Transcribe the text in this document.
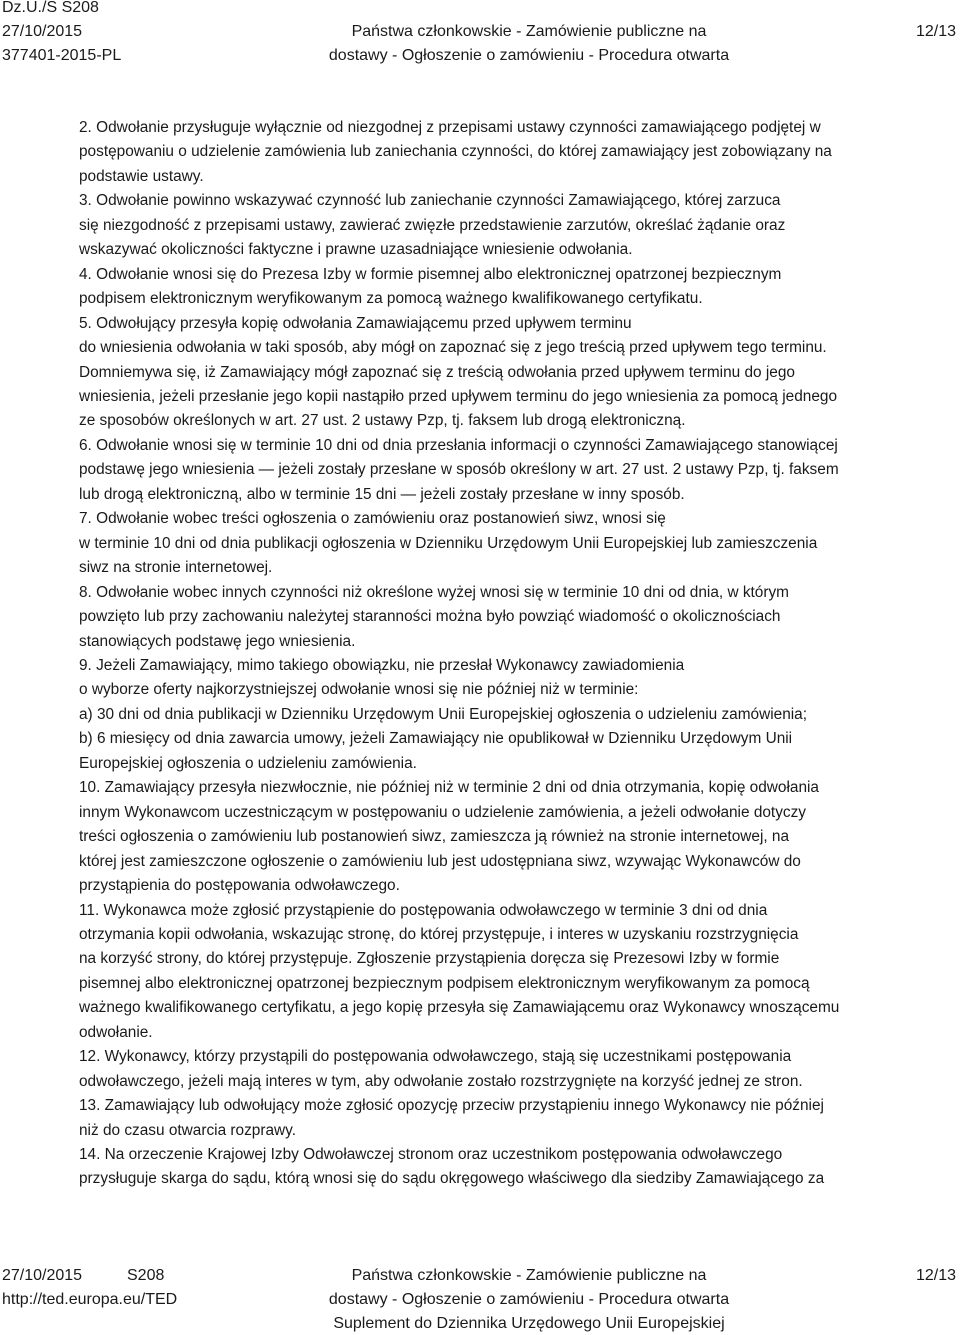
Dz.U./S S208
27/10/2015
377401-2015-PL
Państwa członkowskie - Zamówienie publiczne na
dostawy - Ogłoszenie o zamówieniu - Procedura otwarta
12/13

2. Odwołanie przysługuje wyłącznie od niezgodnej z przepisami ustawy czynności zamawiającego podjętej w

postępowaniu o udzielenie zamówienia lub zaniechania czynności, do której zamawiający jest zobowiązany na

podstawie ustawy.

3. Odwołanie powinno wskazywać czynność lub zaniechanie czynności Zamawiającego, której zarzuca

się niezgodność z przepisami ustawy, zawierać zwięzłe przedstawienie zarzutów, określać żądanie oraz

wskazywać okoliczności faktyczne i prawne uzasadniające wniesienie odwołania.

4. Odwołanie wnosi się do Prezesa Izby w formie pisemnej albo elektronicznej opatrzonej bezpiecznym

podpisem elektronicznym weryfikowanym za pomocą ważnego kwalifikowanego certyfikatu.

5. Odwołujący przesyła kopię odwołania Zamawiającemu przed upływem terminu

do wniesienia odwołania w taki sposób, aby mógł on zapoznać się z jego treścią przed upływem tego terminu.

Domniemywa się, iż Zamawiający mógł zapoznać się z treścią odwołania przed upływem terminu do jego

wniesienia, jeżeli przesłanie jego kopii nastąpiło przed upływem terminu do jego wniesienia za pomocą jednego

ze sposobów określonych w art. 27 ust. 2 ustawy Pzp, tj. faksem lub drogą elektroniczną.

6. Odwołanie wnosi się w terminie 10 dni od dnia przesłania informacji o czynności Zamawiającego stanowiącej

podstawę jego wniesienia — jeżeli zostały przesłane w sposób określony w art. 27 ust. 2 ustawy Pzp, tj. faksem

lub drogą elektroniczną, albo w terminie 15 dni — jeżeli zostały przesłane w inny sposób.

7. Odwołanie wobec treści ogłoszenia o zamówieniu oraz postanowień siwz, wnosi się

w terminie 10 dni od dnia publikacji ogłoszenia w Dzienniku Urzędowym Unii Europejskiej lub zamieszczenia

siwz na stronie internetowej.

8. Odwołanie wobec innych czynności niż określone wyżej wnosi się w terminie 10 dni od dnia, w którym

powzięto lub przy zachowaniu należytej staranności można było powziąć wiadomość o okolicznościach

stanowiących podstawę jego wniesienia.

9. Jeżeli Zamawiający, mimo takiego obowiązku, nie przesłał Wykonawcy zawiadomienia

o wyborze oferty najkorzystniejszej odwołanie wnosi się nie później niż w terminie:

a) 30 dni od dnia publikacji w Dzienniku Urzędowym Unii Europejskiej ogłoszenia o udzieleniu zamówienia;

b) 6 miesięcy od dnia zawarcia umowy, jeżeli Zamawiający nie opublikował w Dzienniku Urzędowym Unii

Europejskiej ogłoszenia o udzieleniu zamówienia.

10. Zamawiający przesyła niezwłocznie, nie później niż w terminie 2 dni od dnia otrzymania, kopię odwołania

innym Wykonawcom uczestniczącym w postępowaniu o udzielenie zamówienia, a jeżeli odwołanie dotyczy

treści ogłoszenia o zamówieniu lub postanowień siwz, zamieszcza ją również na stronie internetowej, na

której jest zamieszczone ogłoszenie o zamówieniu lub jest udostępniana siwz, wzywając Wykonawców do

przystąpienia do postępowania odwoławczego.

11. Wykonawca może zgłosić przystąpienie do postępowania odwoławczego w terminie 3 dni od dnia

otrzymania kopii odwołania, wskazując stronę, do której przystępuje, i interes w uzyskaniu rozstrzygnięcia

na korzyść strony, do której przystępuje. Zgłoszenie przystąpienia doręcza się Prezesowi Izby w formie

pisemnej albo elektronicznej opatrzonej bezpiecznym podpisem elektronicznym weryfikowanym za pomocą

ważnego kwalifikowanego certyfikatu, a jego kopię przesyła się Zamawiającemu oraz Wykonawcy wnoszącemu

odwołanie.

12. Wykonawcy, którzy przystąpili do postępowania odwoławczego, stają się uczestnikami postępowania

odwoławczego, jeżeli mają interes w tym, aby odwołanie zostało rozstrzygnięte na korzyść jednej ze stron.

13. Zamawiający lub odwołujący może zgłosić opozycję przeciw przystąpieniu innego Wykonawcy nie później

niż do czasu otwarcia rozprawy.

14. Na orzeczenie Krajowej Izby Odwoławczej stronom oraz uczestnikom postępowania odwoławczego

przysługuje skarga do sądu, którą wnosi się do sądu okręgowego właściwego dla siedziby Zamawiającego za

27/10/2015	S208
http://ted.europa.eu/TED
Państwa członkowskie - Zamówienie publiczne na
dostawy - Ogłoszenie o zamówieniu - Procedura otwarta
Suplement do Dziennika Urzędowego Unii Europejskiej
12/13
